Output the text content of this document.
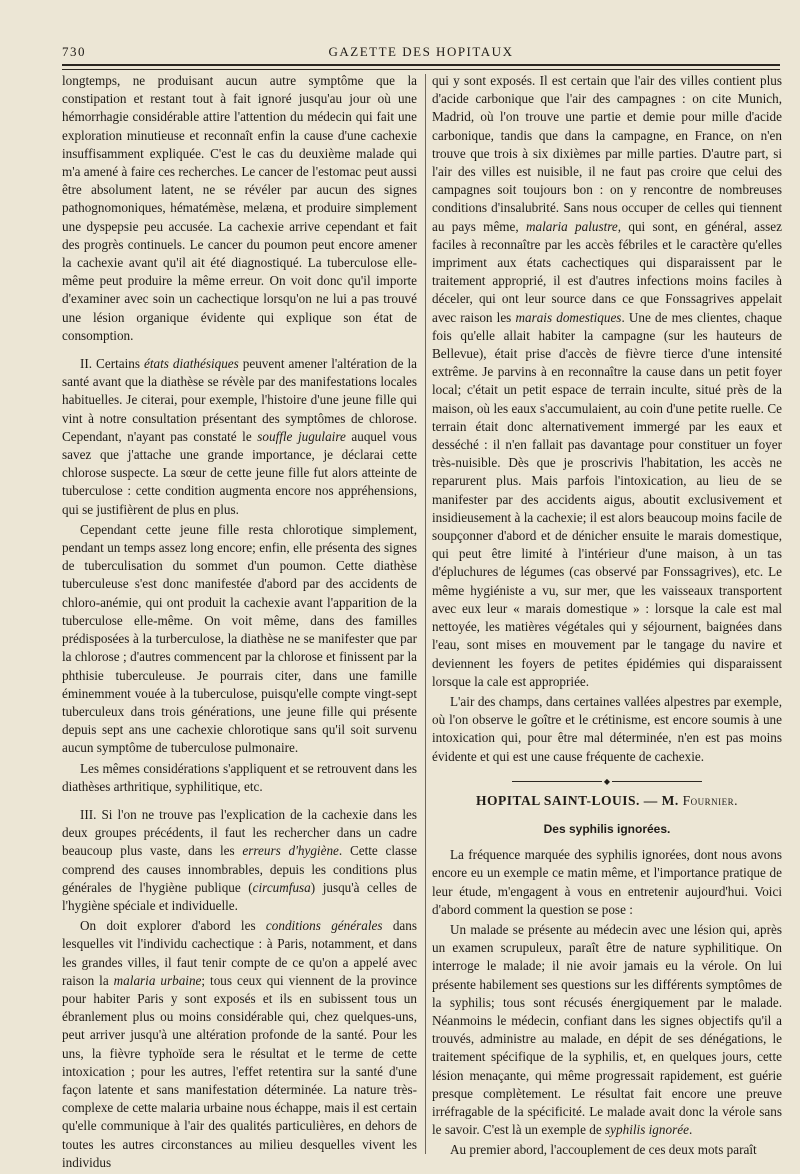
730	GAZETTE DES HOPITAUX

longtemps, ne produisant aucun autre symptôme que la constipation et restant tout à fait ignoré jusqu'au jour où une hémorrhagie considérable attire l'attention du médecin qui fait une exploration minutieuse et reconnaît enfin la cause d'une cachexie insuffisamment expliquée. C'est le cas du deuxième malade qui m'a amené à faire ces recherches. Le cancer de l'estomac peut aussi être absolument latent, ne se révéler par aucun des signes pathognomoniques, hématémèse, melæna, et produire simplement une dyspepsie peu accusée. La cachexie arrive cependant et fait des progrès continuels. Le cancer du poumon peut encore amener la cachexie avant qu'il ait été diagnostiqué. La tuberculose elle-même peut produire la même erreur. On voit donc qu'il importe d'examiner avec soin un cachectique lorsqu'on ne lui a pas trouvé une lésion organique évidente qui explique son état de consomption.

II. Certains états diathésiques peuvent amener l'altération de la santé avant que la diathèse se révèle par des manifestations locales habituelles. Je citerai, pour exemple, l'histoire d'une jeune fille qui vint à notre consultation présentant des symptômes de chlorose. Cependant, n'ayant pas constaté le souffle jugulaire auquel vous savez que j'attache une grande importance, je déclarai cette chlorose suspecte. La sœur de cette jeune fille fut alors atteinte de tuberculose : cette condition augmenta encore nos appréhensions, qui se justifièrent de plus en plus.

Cependant cette jeune fille resta chlorotique simplement, pendant un temps assez long encore; enfin, elle présenta des signes de tuberculisation du sommet d'un poumon. Cette diathèse tuberculeuse s'est donc manifestée d'abord par des accidents de chloro-anémie, qui ont produit la cachexie avant l'apparition de la tuberculose elle-même. On voit même, dans des familles prédisposées à la turberculose, la diathèse ne se manifester que par la chlorose ; d'autres commencent par la chlorose et finissent par la phthisie tuberculeuse. Je pourrais citer, dans une famille éminemment vouée à la tuberculose, puisqu'elle compte vingt-sept tuberculeux dans trois générations, une jeune fille qui présente depuis sept ans une cachexie chlorotique sans qu'il soit survenu aucun symptôme de tuberculose pulmonaire.

Les mêmes considérations s'appliquent et se retrouvent dans les diathèses arthritique, syphilitique, etc.

III. Si l'on ne trouve pas l'explication de la cachexie dans les deux groupes précédents, il faut les rechercher dans un cadre beaucoup plus vaste, dans les erreurs d'hygiène. Cette classe comprend des causes innombrables, depuis les conditions plus générales de l'hygiène publique (circumfusa) jusqu'à celles de l'hygiène spéciale et individuelle.

On doit explorer d'abord les conditions générales dans lesquelles vit l'individu cachectique : à Paris, notamment, et dans les grandes villes, il faut tenir compte de ce qu'on a appelé avec raison la malaria urbaine; tous ceux qui viennent de la province pour habiter Paris y sont exposés et ils en subissent tous un ébranlement plus ou moins considérable qui, chez quelques-uns, peut arriver jusqu'à une altération profonde de la santé. Pour les uns, la fièvre typhoïde sera le résultat et le terme de cette intoxication ; pour les autres, l'effet retentira sur la santé d'une façon latente et sans manifestation déterminée. La nature très-complexe de cette malaria urbaine nous échappe, mais il est certain qu'elle communique à l'air des qualités particulières, en dehors de toutes les autres circonstances au milieu desquelles vivent les individus

qui y sont exposés. Il est certain que l'air des villes contient plus d'acide carbonique que l'air des campagnes : on cite Munich, Madrid, où l'on trouve une partie et demie pour mille d'acide carbonique, tandis que dans la campagne, en France, on n'en trouve que trois à six dixièmes par mille parties. D'autre part, si l'air des villes est nuisible, il ne faut pas croire que celui des campagnes soit toujours bon : on y rencontre de nombreuses conditions d'insalubrité. Sans nous occuper de celles qui tiennent au pays même, malaria palustre, qui sont, en général, assez faciles à reconnaître par les accès fébriles et le caractère qu'elles impriment aux états cachectiques qui disparaissent par le traitement approprié, il est d'autres infections moins faciles à déceler, qui ont leur source dans ce que Fonssagrives appelait avec raison les marais domestiques. Une de mes clientes, chaque fois qu'elle allait habiter la campagne (sur les hauteurs de Bellevue), était prise d'accès de fièvre tierce d'une intensité extrême. Je parvins à en reconnaître la cause dans un petit foyer local; c'était un petit espace de terrain inculte, situé près de la maison, où les eaux s'accumulaient, au coin d'une petite ruelle. Ce terrain était donc alternativement immergé par les eaux et desséché : il n'en fallait pas davantage pour constituer un foyer très-nuisible. Dès que je proscrivis l'habitation, les accès ne reparurent plus. Mais parfois l'intoxication, au lieu de se manifester par des accidents aigus, aboutit exclusivement et insidieusement à la cachexie; il est alors beaucoup moins facile de soupçonner d'abord et de dénicher ensuite le marais domestique, qui peut être limité à l'intérieur d'une maison, à un tas d'épluchures de légumes (cas observé par Fonssagrives), etc. Le même hygiéniste a vu, sur mer, que les vaisseaux transportent avec eux leur « marais domestique » : lorsque la cale est mal nettoyée, les matières végétales qui y séjournent, baignées dans l'eau, sont mises en mouvement par le tangage du navire et deviennent les foyers de petites épidémies qui disparaissent lorsque la cale est appropriée.

L'air des champs, dans certaines vallées alpestres par exemple, où l'on observe le goître et le crétinisme, est encore soumis à une intoxication qui, pour être mal déterminée, n'en est pas moins évidente et qui est une cause fréquente de cachexie.

◆
HOPITAL SAINT-LOUIS. — M. Fournier.
Des syphilis ignorées.

La fréquence marquée des syphilis ignorées, dont nous avons encore eu un exemple ce matin même, et l'importance pratique de leur étude, m'engagent à vous en entretenir aujourd'hui. Voici d'abord comment la question se pose :

Un malade se présente au médecin avec une lésion qui, après un examen scrupuleux, paraît être de nature syphilitique. On interroge le malade; il nie avoir jamais eu la vérole. On lui présente habilement ses questions sur les différents symptômes de la syphilis; tous sont récusés énergiquement par le malade. Néanmoins le médecin, confiant dans les signes objectifs qu'il a trouvés, administre au malade, en dépit de ses dénégations, le traitement spécifique de la syphilis, et, en quelques jours, cette lésion menaçante, qui même progressait rapidement, est guérie presque complètement. Le résultat fait encore une preuve irréfragable de la spécificité. Le malade avait donc la vérole sans le savoir. C'est là un exemple de syphilis ignorée.

Au premier abord, l'accouplement de ces deux mots paraît
